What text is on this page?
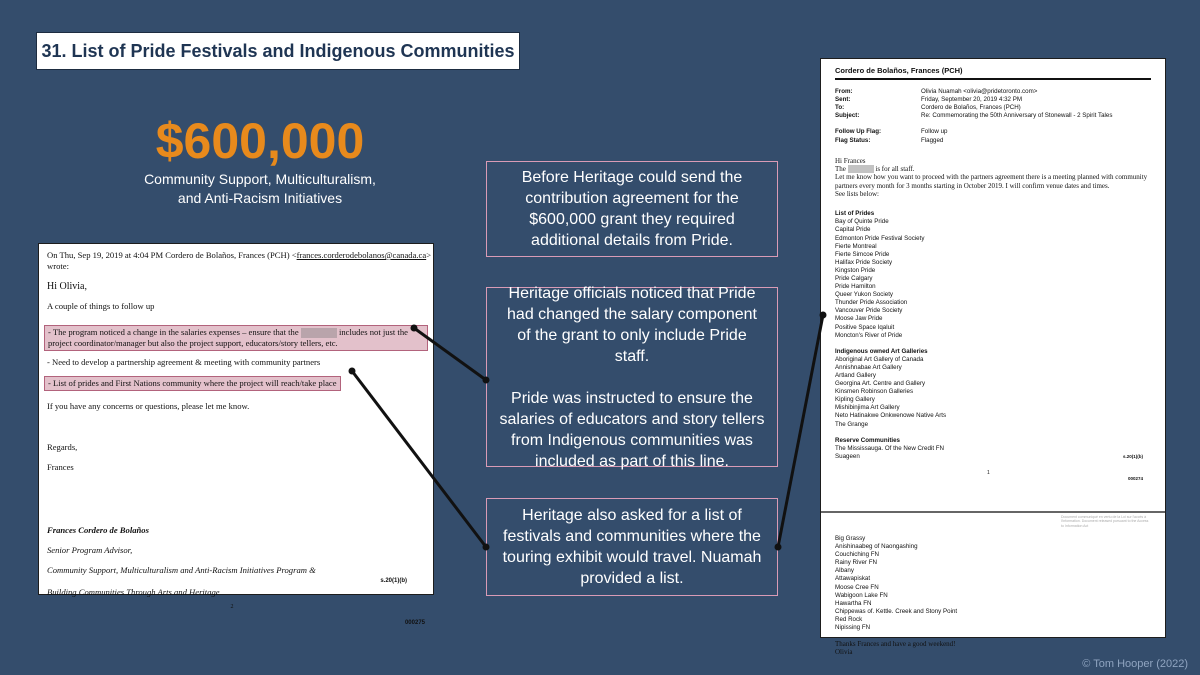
31. List of Pride Festivals and Indigenous Communities
$600,000
Community Support, Multiculturalism,
and Anti-Racism Initiatives
On Thu, Sep 19, 2019 at 4:04 PM Cordero de Bolaños, Frances (PCH) <frances.corderodebolanos@canada.ca>
wrote:
Hi Olivia,
A couple of things to follow up
- The program noticed a change in the salaries expenses – ensure that the	includes not just the
project coordinator/manager but also the project support, educators/story tellers, etc.
- Need to develop a partnership agreement & meeting with community partners
- List of prides and First Nations community where the project will reach/take place
If you have any concerns or questions, please let me know.
Regards,
Frances
Frances Cordero de Bolaños
Senior Program Advisor,
Community Support, Multiculturalism and Anti-Racism Initiatives Program &
s.20(1)(b)
Building Communities Through Arts and Heritage
2
000275
Cordero de Bolaños, Frances (PCH)
From:	Olivia Nuamah <olivia@pridetoronto.com>
Sent:	Friday, September 20, 2019 4:32 PM
To:	Cordero de Bolaños, Frances (PCH)
Subject:	Re: Commemorating the 50th Anniversary of Stonewall - 2 Spirit Tales
Follow Up Flag:	Follow up
Flag Status:	Flagged
Hi Frances
The	is for all staff.
Let me know how you want to proceed with the partners agreement there is a meeting planned with community partners every month for 3 months starting in October 2019. I will confirm venue dates and times.
See lists below:
List of Prides
Bay of Quinte Pride
Capital Pride
Edmonton Pride Festival Society
Fierte Montreal
Fierte Simcoe Pride
Halifax Pride Society
Kingston Pride
Pride Calgary
Pride Hamilton
Queer Yukon Society
Thunder Pride Association
Vancouver Pride Society
Moose Jaw Pride
Positive Space Iqaluit
Moncton's River of Pride
Indigenous owned Art Galleries
Aboriginal Art Gallery of Canada
Annishnabae Art Gallery
Artland Gallery
Georgina Art. Centre and Gallery
Kinsmen Robinson Galleries
Kipling Gallery
Mishibinjima Art Gallery
Neto Hatinakwe Onkwenowe Native Arts
The Grange
Reserve Communities
The Mississauga. Of the New Credit FN
Suageen	s.20(1)(b)
1
000274
Document communiqué en vertu de la Loi sur l'accès à l'information. Document released pursuant to the Access to Information Act
Big Grassy
Anishinaabeg of Naongashing
Couchiching FN
Rainy River FN
Albany
Attawapiskat
Moose Cree FN
Wabigoon Lake FN
Hawartha FN
Chippewas of. Kettle. Creek and Stony Point
Red Rock
Nipissing FN
Thanks Frances and have a good weekend!
Olivia

Before Heritage could send the contribution agreement for the $600,000 grant they required additional details from Pride.

Heritage officials noticed that Pride had changed the salary component of the grant to only include Pride staff.

Pride was instructed to ensure the salaries of educators and story tellers from Indigenous communities was included as part of this line.

Heritage also asked for a list of festivals and communities where the touring exhibit would travel. Nuamah provided a list.

© Tom Hooper (2022)
